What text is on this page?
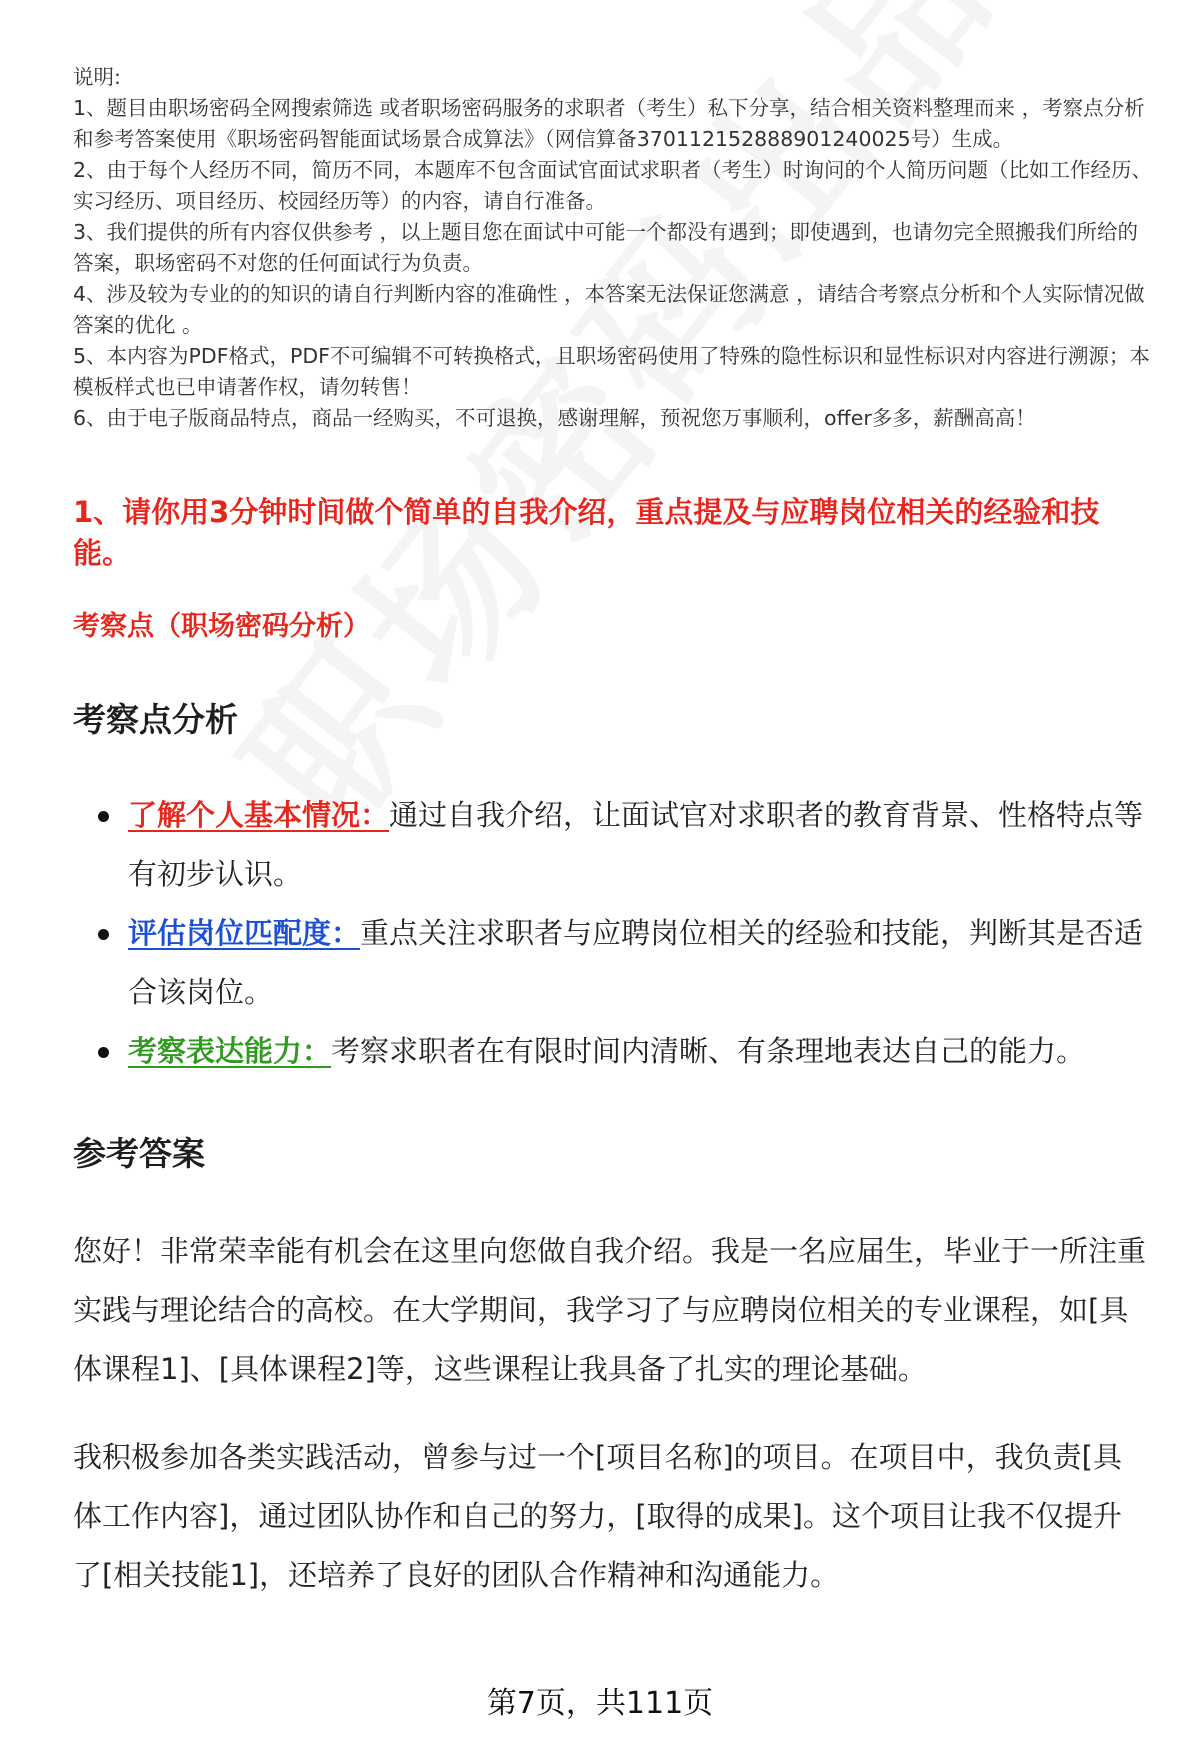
说明:

1、题目由职场密码全网搜索筛选 或者职场密码服务的求职者（考生）私下分享，结合相关资料整理而来 ，考察点分析和参考答案使用《职场密码智能面试场景合成算法》（网信算备370112152888901240025号）生成。

2、由于每个人经历不同，简历不同，本题库不包含面试官面试求职者（考生）时询问的个人简历问题（比如工作经历、实习经历、项目经历、校园经历等）的内容，请自行准备。

3、我们提供的所有内容仅供参考 ，以上题目您在面试中可能一个都没有遇到；即使遇到，也请勿完全照搬我们所给的答案，职场密码不对您的任何面试行为负责。

4、涉及较为专业的的知识的请自行判断内容的准确性 ，本答案无法保证您满意 ，请结合考察点分析和个人实际情况做答案的优化 。

5、本内容为PDF格式，PDF不可编辑不可转换格式，且职场密码使用了特殊的隐性标识和显性标识对内容进行溯源；本模板样式也已申请著作权，请勿转售！

6、由于电子版商品特点，商品一经购买，不可退换，感谢理解，预祝您万事顺利，offer多多，薪酬高高！

1、请你用3分钟时间做个简单的自我介绍，重点提及与应聘岗位相关的经验和技能。

考察点（职场密码分析）

考察点分析
了解个人基本情况：通过自我介绍，让面试官对求职者的教育背景、性格特点等有初步认识。
评估岗位匹配度：重点关注求职者与应聘岗位相关的经验和技能，判断其是否适合该岗位。
考察表达能力：考察求职者在有限时间内清晰、有条理地表达自己的能力。
参考答案

您好！非常荣幸能有机会在这里向您做自我介绍。我是一名应届生，毕业于一所注重实践与理论结合的高校。在大学期间，我学习了与应聘岗位相关的专业课程，如[具体课程1]、[具体课程2]等，这些课程让我具备了扎实的理论基础。

我积极参加各类实践活动，曾参与过一个[项目名称]的项目。在项目中，我负责[具体工作内容]，通过团队协作和自己的努力，[取得的成果]。这个项目让我不仅提升了[相关技能1]，还培养了良好的团队合作精神和沟通能力。

第7页，共111页
